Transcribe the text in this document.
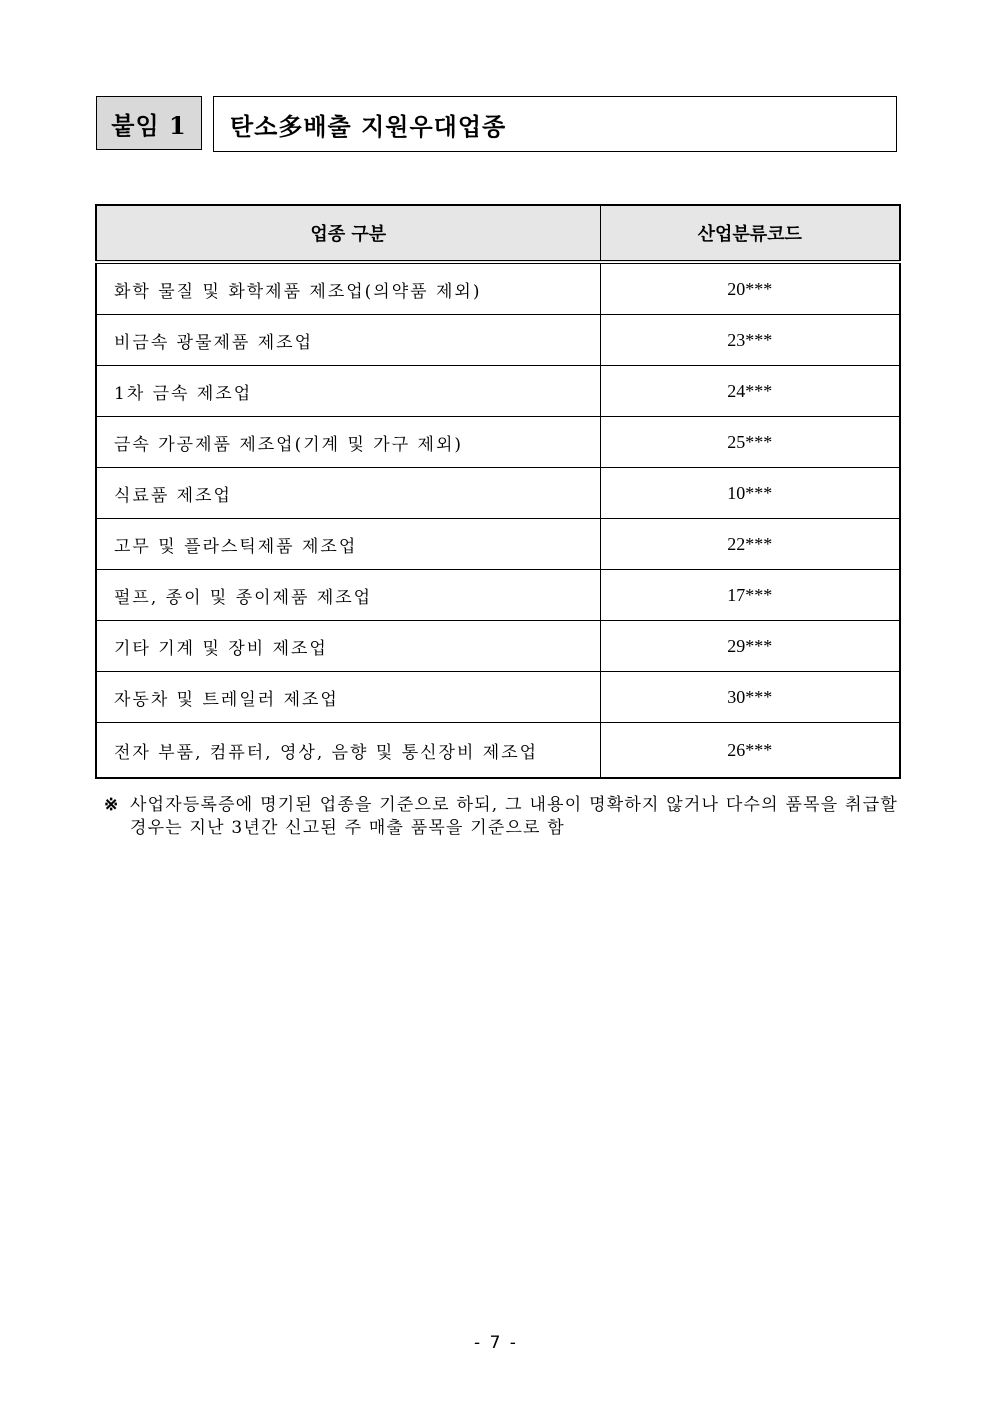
붙임 1	탄소多배출 지원우대업종
업종 구분	산업분류코드
화학 물질 및 화학제품 제조업(의약품 제외)	20***
비금속 광물제품 제조업	23***
1차 금속 제조업	24***
금속 가공제품 제조업(기계 및 가구 제외)	25***
식료품 제조업	10***
고무 및 플라스틱제품 제조업	22***
펄프, 종이 및 종이제품 제조업	17***
기타 기계 및 장비 제조업	29***
자동차 및 트레일러 제조업	30***
전자 부품, 컴퓨터, 영상, 음향 및 통신장비 제조업	26***
※ 사업자등록증에 명기된 업종을 기준으로 하되, 그 내용이 명확하지 않거나 다수의 품목을 취급할 경우는 지난 3년간 신고된 주 매출 품목을 기준으로 함
- 7 -
